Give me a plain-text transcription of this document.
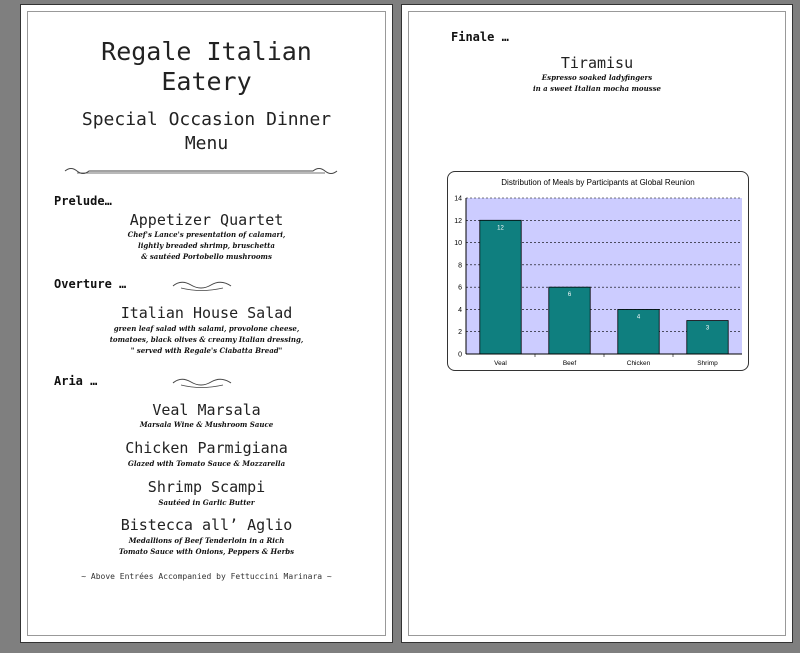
Regale Italian
Eatery
Special Occasion Dinner
Menu
Prelude…
Appetizer Quartet
Chef's Lance's presentation of calamari,
lightly breaded shrimp, bruschetta
& sautéed Portobello mushrooms
Overture …
Italian House Salad
green leaf salad with salami, provolone cheese,
tomatoes, black olives & creamy Italian dressing,
" served with Regale's Ciabatta Bread"
Aria …
Veal Marsala
Marsala Wine & Mushroom Sauce
Chicken Parmigiana
Glazed with Tomato Sauce & Mozzarella
Shrimp Scampi
Sautéed in Garlic Butter
Bistecca all’ Aglio
Medallions of Beef Tenderloin in a Rich
Tomato Sauce with Onions, Peppers & Herbs
~ Above Entrées Accompanied by Fettuccini Marinara ~
Finale …
Tiramisu
Espresso soaked ladyfingers
in a sweet Italian mocha mousse
Distribution of Meals by Participants at Global Reunion
0
2
4
6
8
10
12
14
12
6
4
3
Veal	Beef	Chicken	Shrimp
